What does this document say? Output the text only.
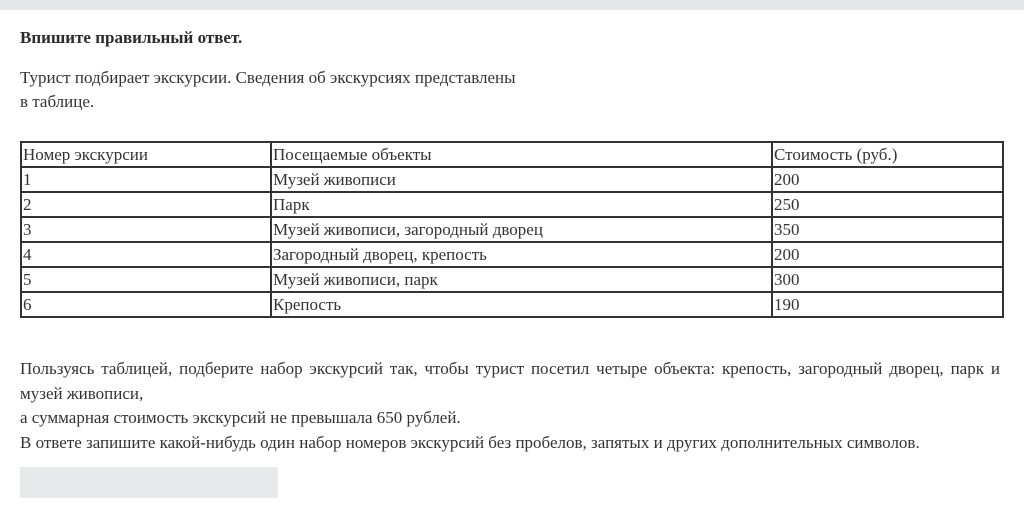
Впишите правильный ответ.
Турист подбирает экскурсии. Сведения об экскурсиях представлены
в таблице.
Номер экскурсии	Посещаемые объекты	Стоимость (руб.)
1	Музей живописи	200
2	Парк	250
3	Музей живописи, загородный дворец	350
4	Загородный дворец, крепость	200
5	Музей живописи, парк	300
6	Крепость	190
Пользуясь таблицей, подберите набор экскурсий так, чтобы турист посетил четыре объекта: крепость, загородный дворец, парк и музей живописи,
а суммарная стоимость экскурсий не превышала 650 рублей.
В ответе запишите какой-нибудь один набор номеров экскурсий без пробелов, запятых и других дополнительных символов.
